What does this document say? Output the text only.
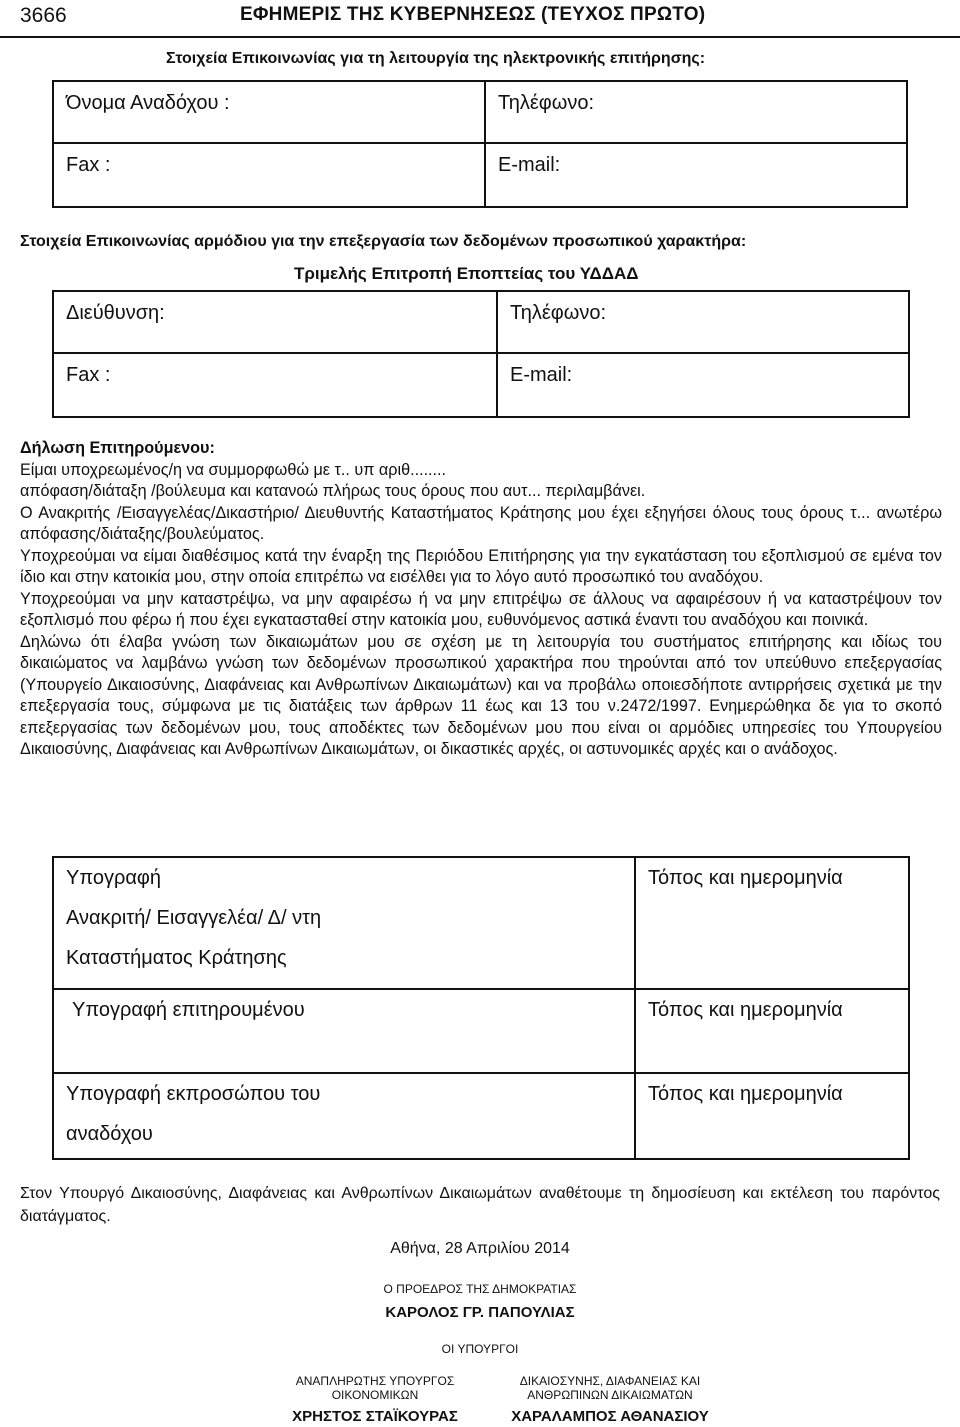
3666	ΕΦΗΜΕΡΙΣ ΤΗΣ ΚΥΒΕΡΝΗΣΕΩΣ (ΤΕΥΧΟΣ ΠΡΩΤΟ)
Στοιχεία Επικοινωνίας για τη λειτουργία της ηλεκτρονικής επιτήρησης:
Όνομα Αναδόχου :	Τηλέφωνο:
Fax :	E-mail:
Στοιχεία Επικοινωνίας αρμόδιου για την επεξεργασία των δεδομένων προσωπικού χαρακτήρα:
Τριμελής Επιτροπή Εποπτείας του ΥΔΔΑΔ
Διεύθυνση:	Τηλέφωνο:
Fax :	E-mail:

Δήλωση Επιτηρούμενου:

Είμαι υποχρεωμένος/η να συμμορφωθώ με τ.. υπ αριθ........

απόφαση/διάταξη /βούλευμα και κατανοώ πλήρως τους όρους που αυτ... περιλαμβάνει.

Ο Ανακριτής /Εισαγγελέας/Δικαστήριο/ Διευθυντής Καταστήματος Κράτησης μου έχει εξηγήσει όλους τους όρους τ... ανωτέρω απόφασης/διάταξης/βουλεύματος.

Υποχρεούμαι να είμαι διαθέσιμος κατά την έναρξη της Περιόδου Επιτήρησης για την εγκατάσταση του εξοπλισμού σε εμένα τον ίδιο και στην κατοικία μου, στην οποία επιτρέπω να εισέλθει για το λόγο αυτό προσωπικό του αναδόχου.

Υποχρεούμαι να μην καταστρέψω, να μην αφαιρέσω ή να μην επιτρέψω σε άλλους να αφαιρέσουν ή να καταστρέψουν τον εξοπλισμό που φέρω ή που έχει εγκατασταθεί στην κατοικία μου, ευθυνόμενος αστικά έναντι του αναδόχου και ποινικά.

Δηλώνω ότι έλαβα γνώση των δικαιωμάτων μου σε σχέση με τη λειτουργία του συστήματος επιτήρησης και ιδίως του δικαιώματος να λαμβάνω γνώση των δεδομένων προσωπικού χαρακτήρα που τηρούνται από τον υπεύθυνο επεξεργασίας (Υπουργείο Δικαιοσύνης, Διαφάνειας και Ανθρωπίνων Δικαιωμάτων) και να προβάλω οποιεσδήποτε αντιρρήσεις σχετικά με την επεξεργασία τους, σύμφωνα με τις διατάξεις των άρθρων 11 έως και 13 του ν.2472/1997. Ενημερώθηκα δε για το σκοπό επεξεργασίας των δεδομένων μου, τους αποδέκτες των δεδομένων μου που είναι οι αρμόδιες υπηρεσίες του Υπουργείου Δικαιοσύνης, Διαφάνειας και Ανθρωπίνων Δικαιωμάτων, οι δικαστικές αρχές, οι αστυνομικές αρχές και ο ανάδοχος.

Υπογραφή
Ανακριτή/ Εισαγγελέα/ Δ/ ντη
Καταστήματος Κράτησης	Τόπος και ημερομηνία

Υπογραφή επιτηρουμένου	Τόπος και ημερομηνία

Υπογραφή εκπροσώπου του
αναδόχου	Τόπος και ημερομηνία
Στον Υπουργό Δικαιοσύνης, Διαφάνειας και Ανθρωπίνων Δικαιωμάτων αναθέτουμε τη δημοσίευση και εκτέλεση του παρόντος διατάγματος.
Αθήνα, 28 Απριλίου 2014
Ο ΠΡΟΕΔΡΟΣ ΤΗΣ ΔΗΜΟΚΡΑΤΙΑΣ
ΚΑΡΟΛΟΣ ΓΡ. ΠΑΠΟΥΛΙΑΣ
ΟΙ ΥΠΟΥΡΓΟΙ
ΑΝΑΠΛΗΡΩΤΗΣ ΥΠΟΥΡΓΟΣ
ΟΙΚΟΝΟΜΙΚΩΝ
ΧΡΗΣΤΟΣ ΣΤΑΪΚΟΥΡΑΣ
ΔΙΚΑΙΟΣΥΝΗΣ, ΔΙΑΦΑΝΕΙΑΣ ΚΑΙ
ΑΝΘΡΩΠΙΝΩΝ ΔΙΚΑΙΩΜΑΤΩΝ
ΧΑΡΑΛΑΜΠΟΣ ΑΘΑΝΑΣΙΟΥ
